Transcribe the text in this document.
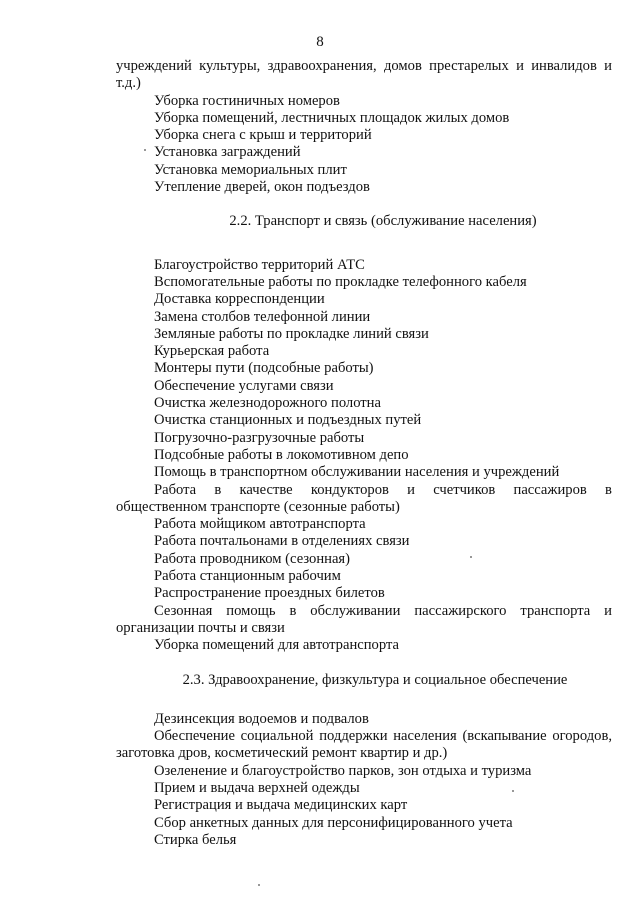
8

учреждений культуры, здравоохранения, домов престарелых и инвалидов и т.д.)

Уборка гостиничных номеров

Уборка помещений, лестничных площадок жилых домов

Уборка снега с крыш и территорий

Установка заграждений

Установка мемориальных плит

Утепление дверей, окон подъездов

2.2. Транспорт и связь (обслуживание населения)

Благоустройство территорий АТС

Вспомогательные работы по прокладке телефонного кабеля

Доставка корреспонденции

Замена столбов телефонной линии

Земляные работы по прокладке линий связи

Курьерская работа

Монтеры пути (подсобные работы)

Обеспечение услугами связи

Очистка железнодорожного полотна

Очистка станционных и подъездных путей

Погрузочно-разгрузочные работы

Подсобные работы в локомотивном депо

Помощь в транспортном обслуживании населения и учреждений

Работа в качестве кондукторов и счетчиков пассажиров в

общественном транспорте (сезонные работы)

Работа мойщиком автотранспорта

Работа почтальонами в отделениях связи

Работа проводником (сезонная)

Работа станционным рабочим

Распространение проездных билетов

Сезонная помощь в обслуживании пассажирского транспорта и организации почты и связи

Уборка помещений для автотранспорта

2.3. Здравоохранение, физкультура и социальное обеспечение

Дезинсекция водоемов и подвалов

Обеспечение социальной поддержки населения (вскапывание огородов, заготовка дров, косметический ремонт квартир и др.)

Озеленение и благоустройство парков, зон отдыха и туризма

Прием и выдача верхней одежды

Регистрация и выдача медицинских карт

Сбор анкетных данных для персонифицированного учета

Стирка белья
